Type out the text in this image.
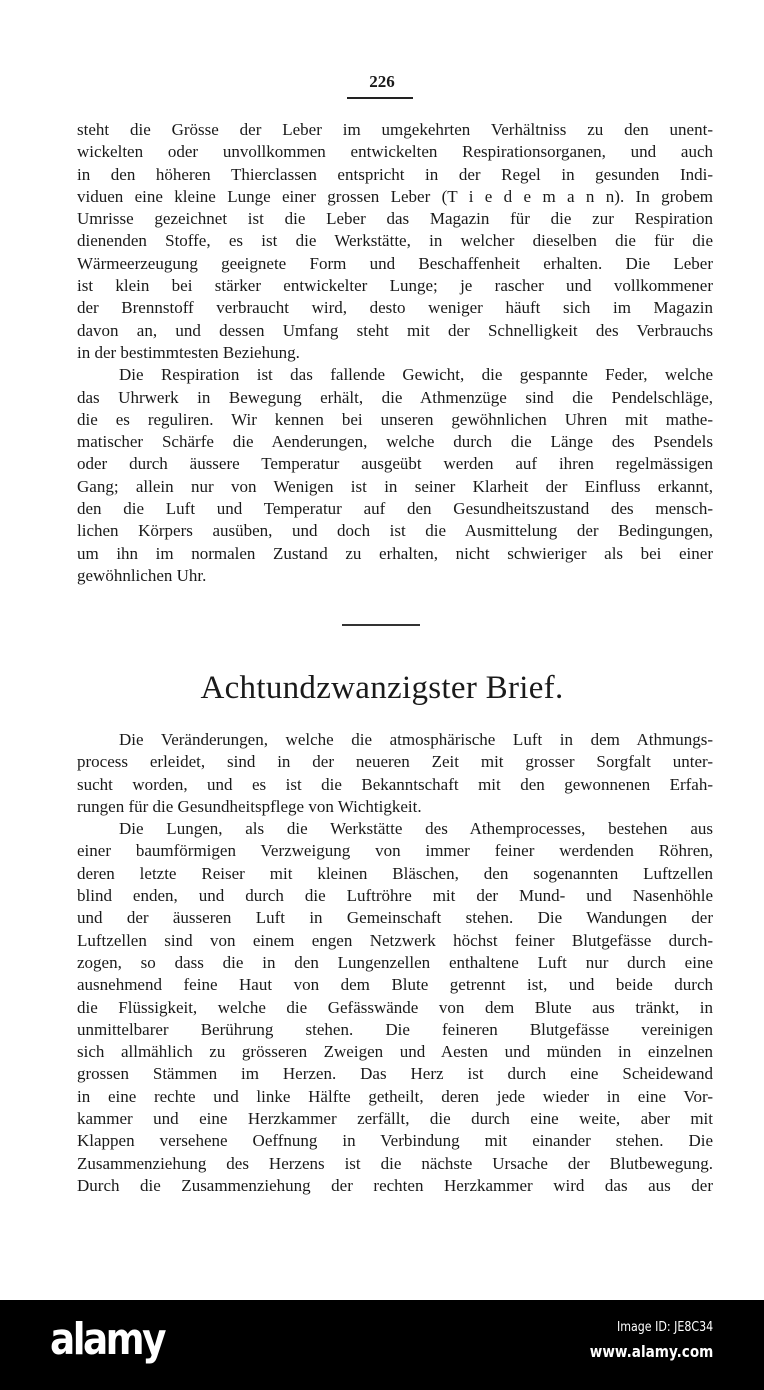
226
steht die Grösse der Leber im umgekehrten Verhältniss zu den unent-
wickelten oder unvollkommen entwickelten Respirationsorganen, und auch
in den höheren Thierclassen entspricht in der Regel in gesunden Indi-
viduen eine kleine Lunge einer grossen Leber (T i e d e m a n n). In grobem
Umrisse gezeichnet ist die Leber das Magazin für die zur Respiration
dienenden Stoffe, es ist die Werkstätte, in welcher dieselben die für die
Wärmeerzeugung geeignete Form und Beschaffenheit erhalten. Die Leber
ist klein bei stärker entwickelter Lunge; je rascher und vollkommener
der Brennstoff verbraucht wird, desto weniger häuft sich im Magazin
davon an, und dessen Umfang steht mit der Schnelligkeit des Verbrauchs
in der bestimmtesten Beziehung.
Die Respiration ist das fallende Gewicht, die gespannte Feder, welche
das Uhrwerk in Bewegung erhält, die Athmenzüge sind die Pendelschläge,
die es reguliren. Wir kennen bei unseren gewöhnlichen Uhren mit mathe-
matischer Schärfe die Aenderungen, welche durch die Länge des Psendels
oder durch äussere Temperatur ausgeübt werden auf ihren regelmässigen
Gang; allein nur von Wenigen ist in seiner Klarheit der Einfluss erkannt,
den die Luft und Temperatur auf den Gesundheitszustand des mensch-
lichen Körpers ausüben, und doch ist die Ausmittelung der Bedingungen,
um ihn im normalen Zustand zu erhalten, nicht schwieriger als bei einer
gewöhnlichen Uhr.
Achtundzwanzigster Brief.
Die Veränderungen, welche die atmosphärische Luft in dem Athmungs-
process erleidet, sind in der neueren Zeit mit grosser Sorgfalt unter-
sucht worden, und es ist die Bekanntschaft mit den gewonnenen Erfah-
rungen für die Gesundheitspflege von Wichtigkeit.
Die Lungen, als die Werkstätte des Athemprocesses, bestehen aus
einer baumförmigen Verzweigung von immer feiner werdenden Röhren,
deren letzte Reiser mit kleinen Bläschen, den sogenannten Luftzellen
blind enden, und durch die Luftröhre mit der Mund- und Nasenhöhle
und der äusseren Luft in Gemeinschaft stehen. Die Wandungen der
Luftzellen sind von einem engen Netzwerk höchst feiner Blutgefässe durch-
zogen, so dass die in den Lungenzellen enthaltene Luft nur durch eine
ausnehmend feine Haut von dem Blute getrennt ist, und beide durch
die Flüssigkeit, welche die Gefässwände von dem Blute aus tränkt, in
unmittelbarer Berührung stehen. Die feineren Blutgefässe vereinigen
sich allmählich zu grösseren Zweigen und Aesten und münden in einzelnen
grossen Stämmen im Herzen. Das Herz ist durch eine Scheidewand
in eine rechte und linke Hälfte getheilt, deren jede wieder in eine Vor-
kammer und eine Herzkammer zerfällt, die durch eine weite, aber mit
Klappen versehene Oeffnung in Verbindung mit einander stehen. Die
Zusammenziehung des Herzens ist die nächste Ursache der Blutbewegung.
Durch die Zusammenziehung der rechten Herzkammer wird das aus der
alamy	Image ID: JE8C34
www.alamy.com
